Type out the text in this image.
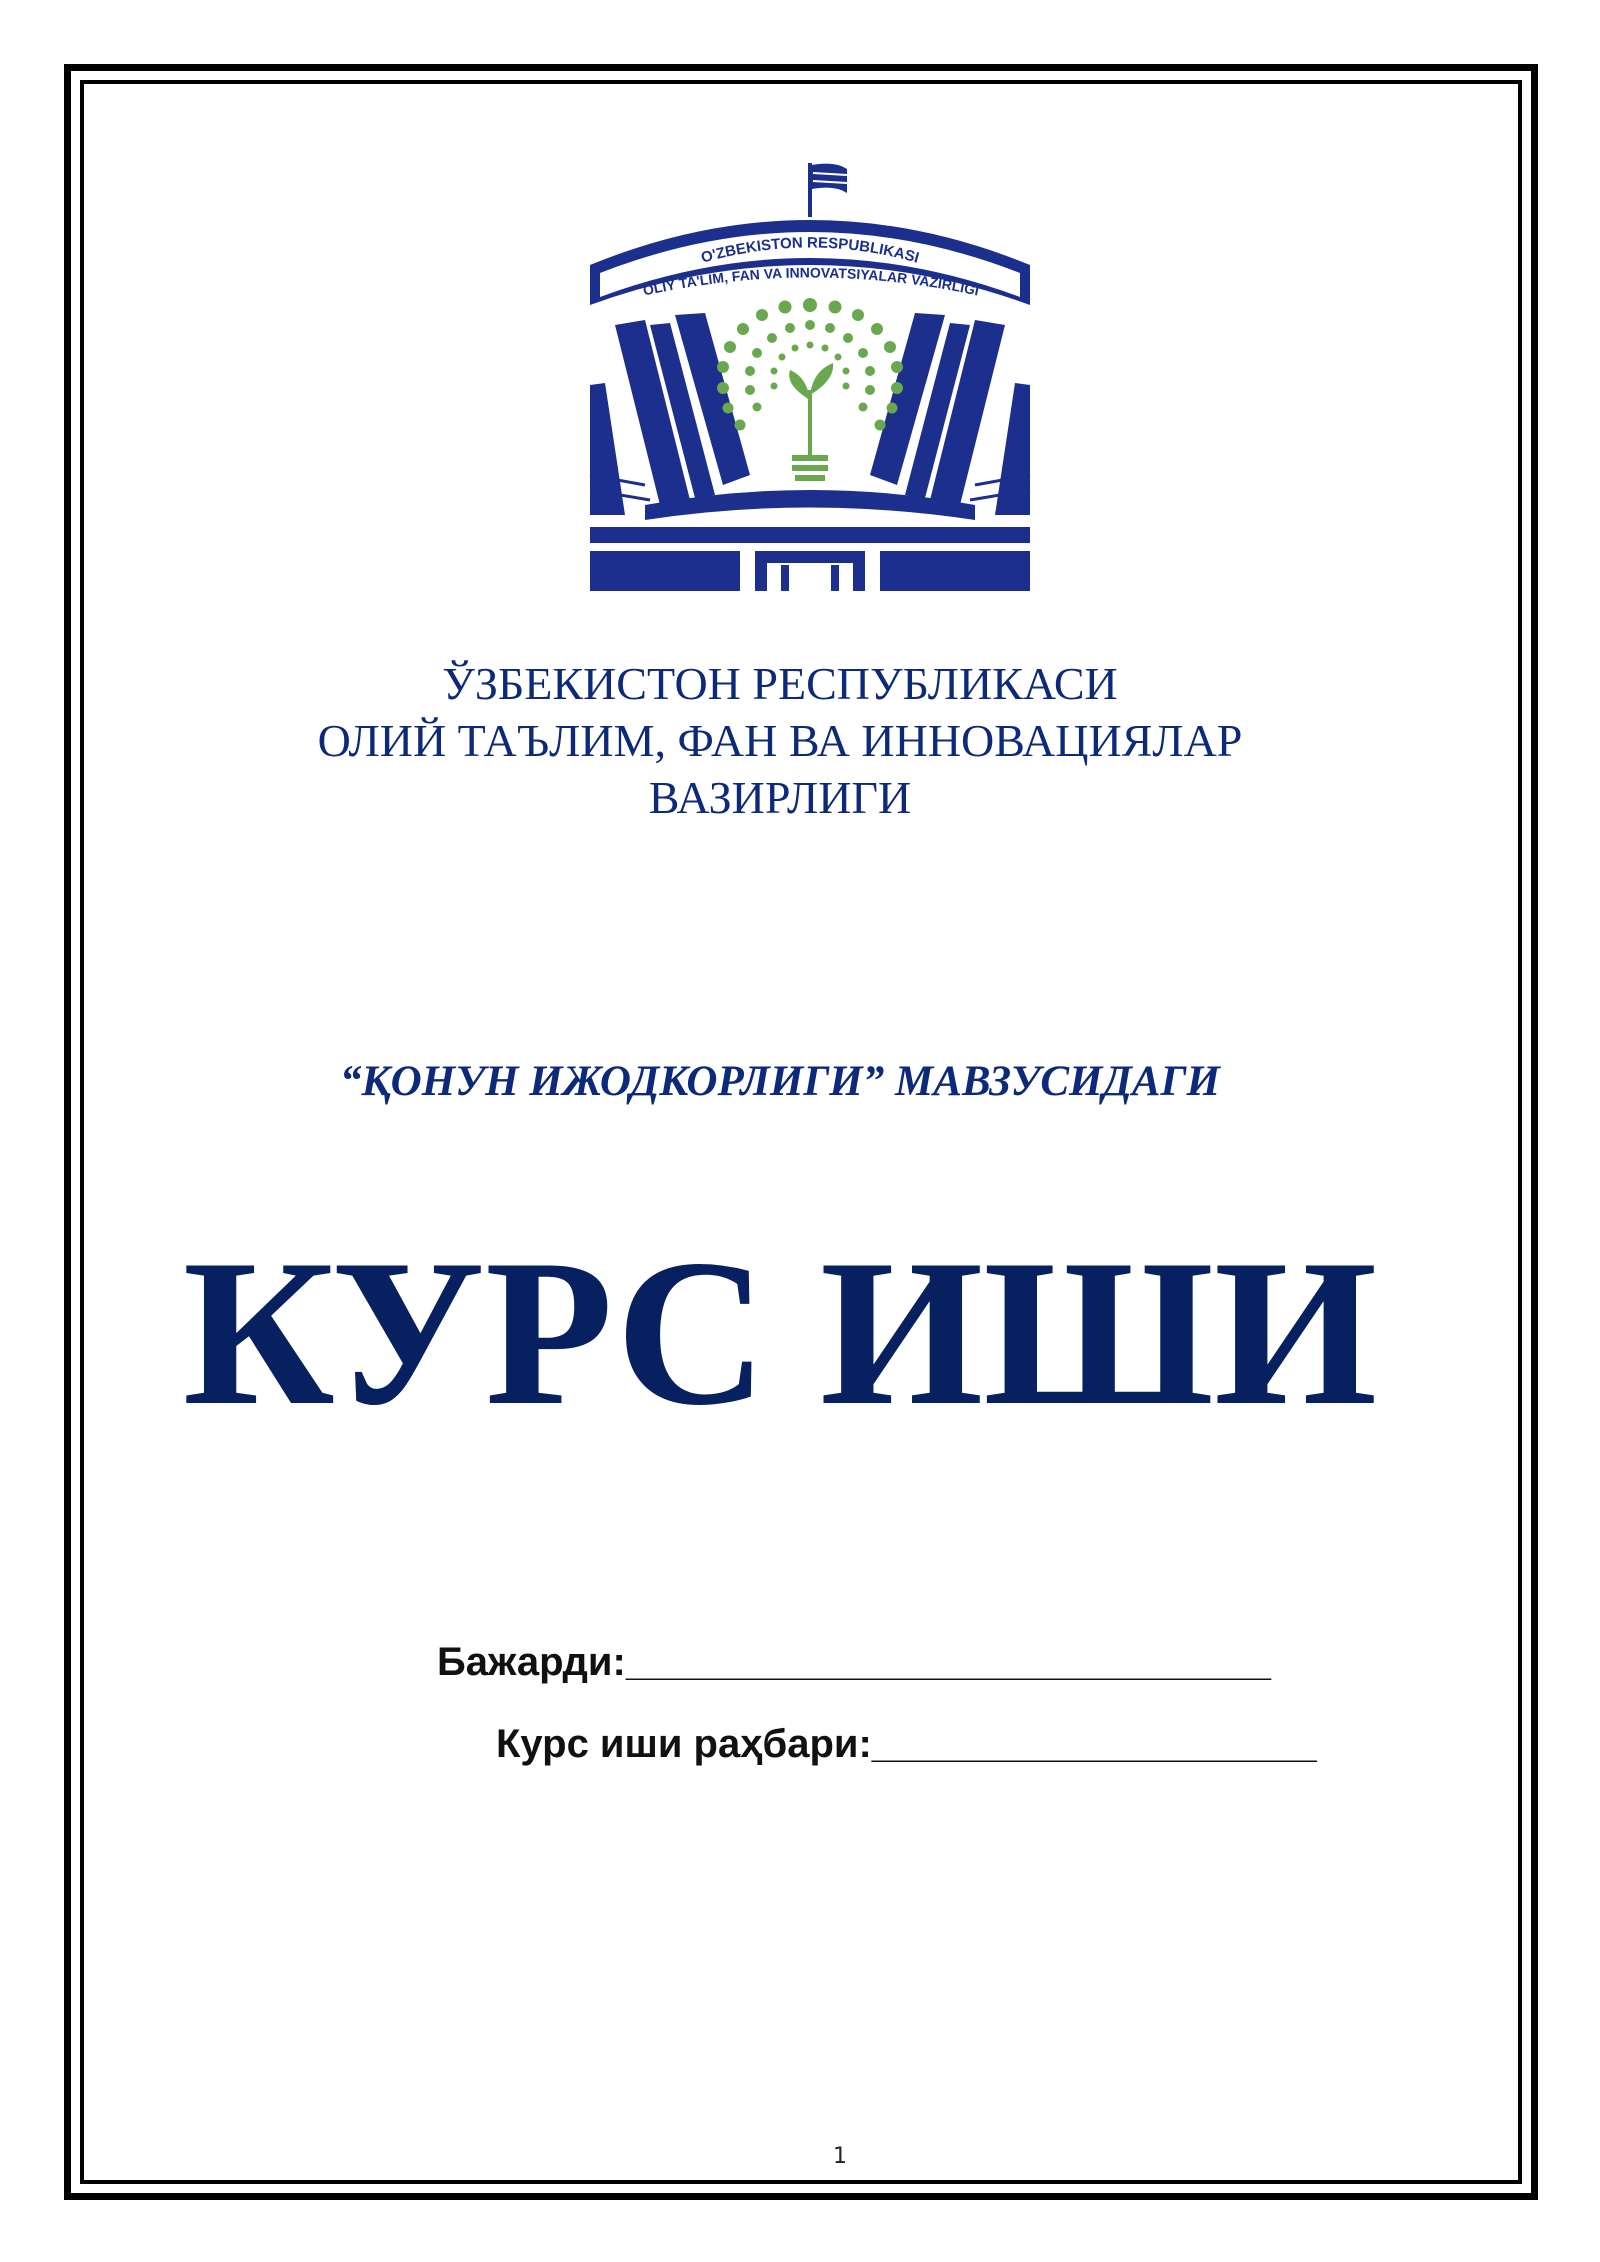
O'ZBEKISTON RESPUBLIKASI
OLIY TA'LIM, FAN VA INNOVATSIYALAR VAZIRLIGI
ЎЗБЕКИСТОН РЕСПУБЛИКАСИ
ОЛИЙ ТАЪЛИМ, ФАН ВА ИННОВАЦИЯЛАР
ВАЗИРЛИГИ
“ҚОНУН ИЖОДКОРЛИГИ” МАВЗУСИДАГИ
КУРС ИШИ
Бажарди:_____________________________
Курс иши раҳбари:____________________
1
